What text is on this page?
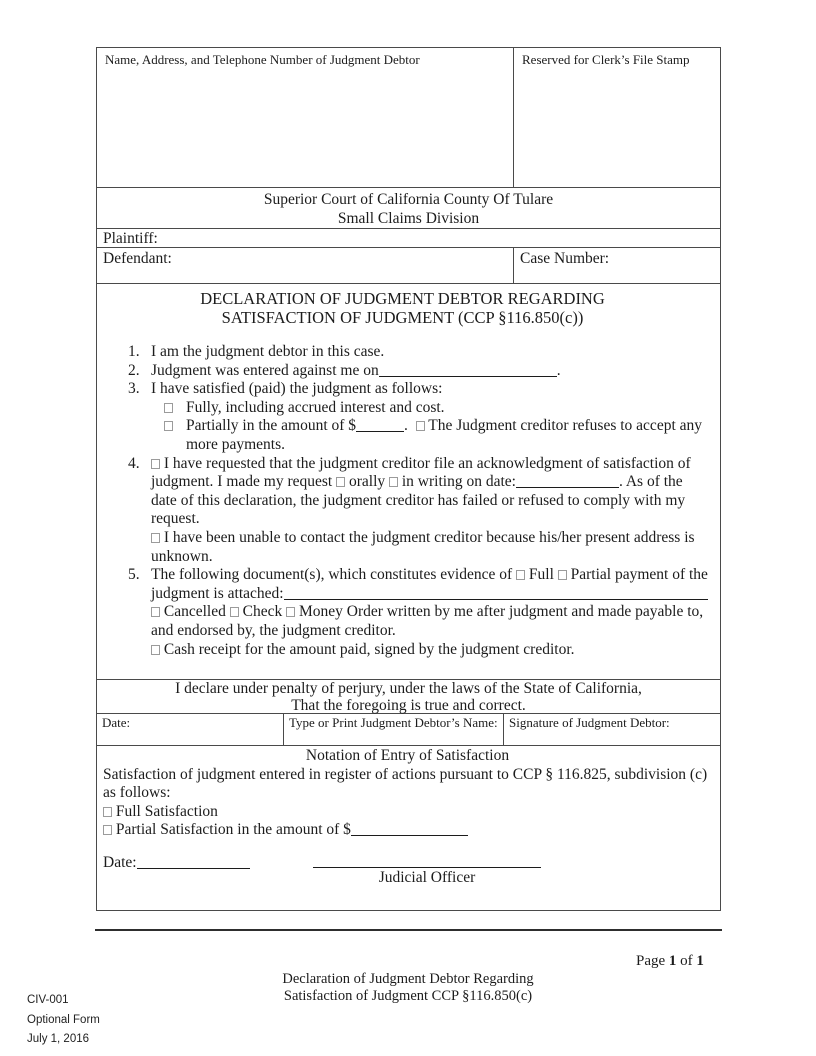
Name, Address, and Telephone Number of Judgment Debtor	Reserved for Clerk’s File Stamp
Superior Court of California County Of Tulare
Small Claims Division
Plaintiff:
Defendant:	Case Number:
DECLARATION OF JUDGMENT DEBTOR REGARDING
SATISFACTION OF JUDGMENT (CCP §116.850(c))
1. I am the judgment debtor in this case.
2. Judgment was entered against me on	.
3. I have satisfied (paid) the judgment as follows:
Fully, including accrued interest and cost.
Partially in the amount of $	. The Judgment creditor refuses to accept any more payments.
4.	I have requested that the judgment creditor file an acknowledgment of satisfaction of judgment. I made my request orally in writing on date:	. As of the date of this declaration, the judgment creditor has failed or refused to comply with my request.
I have been unable to contact the judgment creditor because his/her present address is unknown.
5. The following document(s), which constitutes evidence of Full Partial payment of the judgment is attached:
Cancelled Check Money Order written by me after judgment and made payable to, and endorsed by, the judgment creditor.
Cash receipt for the amount paid, signed by the judgment creditor.
I declare under penalty of perjury, under the laws of the State of California,
That the foregoing is true and correct.
Date:	Type or Print Judgment Debtor’s Name: Signature of Judgment Debtor:
Notation of Entry of Satisfaction
Satisfaction of judgment entered in register of actions pursuant to CCP § 116.825, subdivision (c) as follows:
Full Satisfaction
Partial Satisfaction in the amount of $
Date:
Judicial Officer
Page 1 of 1
Declaration of Judgment Debtor Regarding
Satisfaction of Judgment CCP §116.850(c)
CIV-001
Optional Form
July 1, 2016
